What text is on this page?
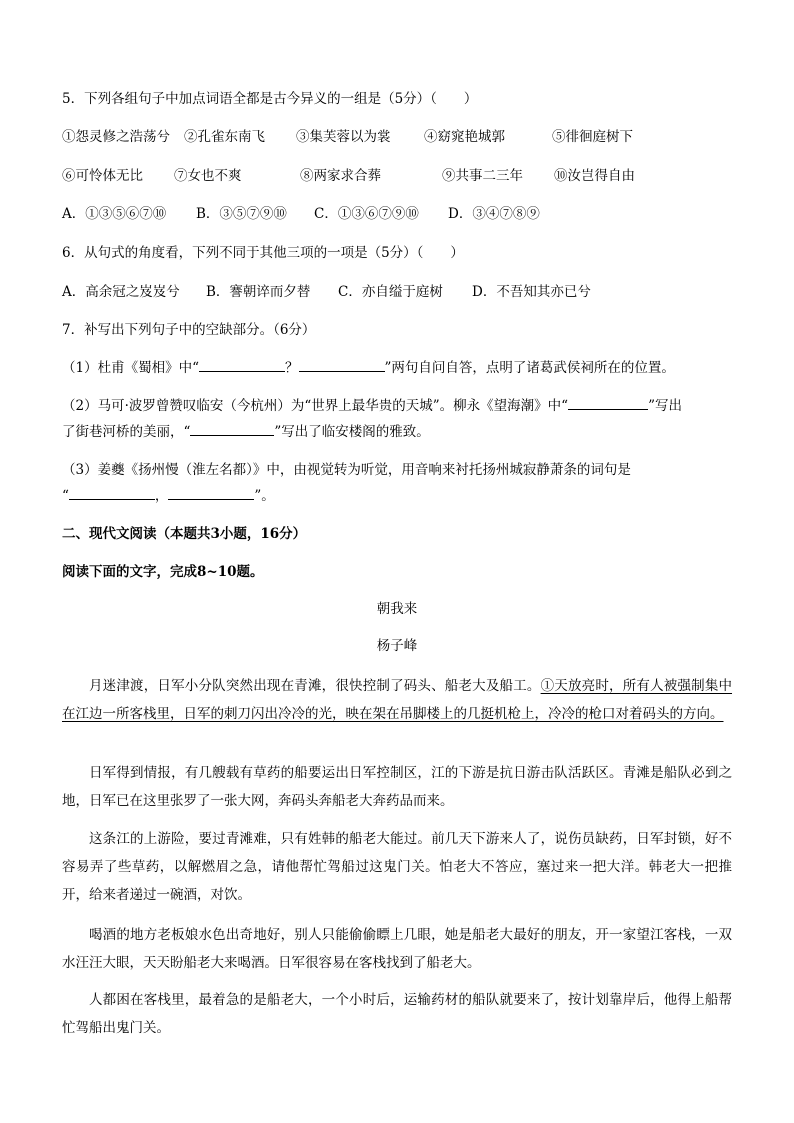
5．下列各组句子中加点词语全都是古今异义的一组是（5分）（　　）
①怨灵修之浩荡兮 ②孔雀东南飞 ③集芙蓉以为裳 ④窈窕艳城郭	⑤徘徊庭树下
⑥可怜体无比 ⑦女也不爽	⑧两家求合葬	⑨共事二三年 ⑩汝岂得自由
A．①③⑤⑥⑦⑩ B．③⑤⑦⑨⑩ C．①③⑥⑦⑨⑩ D．③④⑦⑧⑨
6．从句式的角度看，下列不同于其他三项的一项是（5分）（　　）
A．高余冠之岌岌兮 B．謇朝谇而夕替 C．亦自缢于庭树 D．不吾知其亦已兮
7．补写出下列句子中的空缺部分。（6分）
（1）杜甫《蜀相》中“	？	”两句自问自答，点明了诸葛武侯祠所在的位置。
（2）马可·波罗曾赞叹临安（今杭州）为“世界上最华贵的天城”。柳永《望海潮》中“	”写出
了街巷河桥的美丽，“	”写出了临安楼阁的雅致。
（3）姜夔《扬州慢（淮左名都）》中，由视觉转为听觉，用音响来衬托扬州城寂静萧条的词句是
“	，	”。
二、现代文阅读（本题共3小题，16分）
阅读下面的文字，完成8~10题。
朝我来
杨子峰
月迷津渡，日军小分队突然出现在青滩，很快控制了码头、船老大及船工。①天放亮时，所有人被强制集中在江边一所客栈里，日军的刺刀闪出冷冷的光，映在架在吊脚楼上的几挺机枪上，冷冷的枪口对着码头的方向。
日军得到情报，有几艘载有草药的船要运出日军控制区，江的下游是抗日游击队活跃区。青滩是船队必到之地，日军已在这里张罗了一张大网，奔码头奔船老大奔药品而来。
这条江的上游险，要过青滩难，只有姓韩的船老大能过。前几天下游来人了，说伤员缺药，日军封锁，好不容易弄了些草药，以解燃眉之急，请他帮忙驾船过这鬼门关。怕老大不答应，塞过来一把大洋。韩老大一把推开，给来者递过一碗酒，对饮。
喝酒的地方老板娘水色出奇地好，别人只能偷偷瞟上几眼，她是船老大最好的朋友，开一家望江客栈，一双水汪汪大眼，天天盼船老大来喝酒。日军很容易在客栈找到了船老大。
人都困在客栈里，最着急的是船老大，一个小时后，运输药材的船队就要来了，按计划靠岸后，他得上船帮忙驾船出鬼门关。
